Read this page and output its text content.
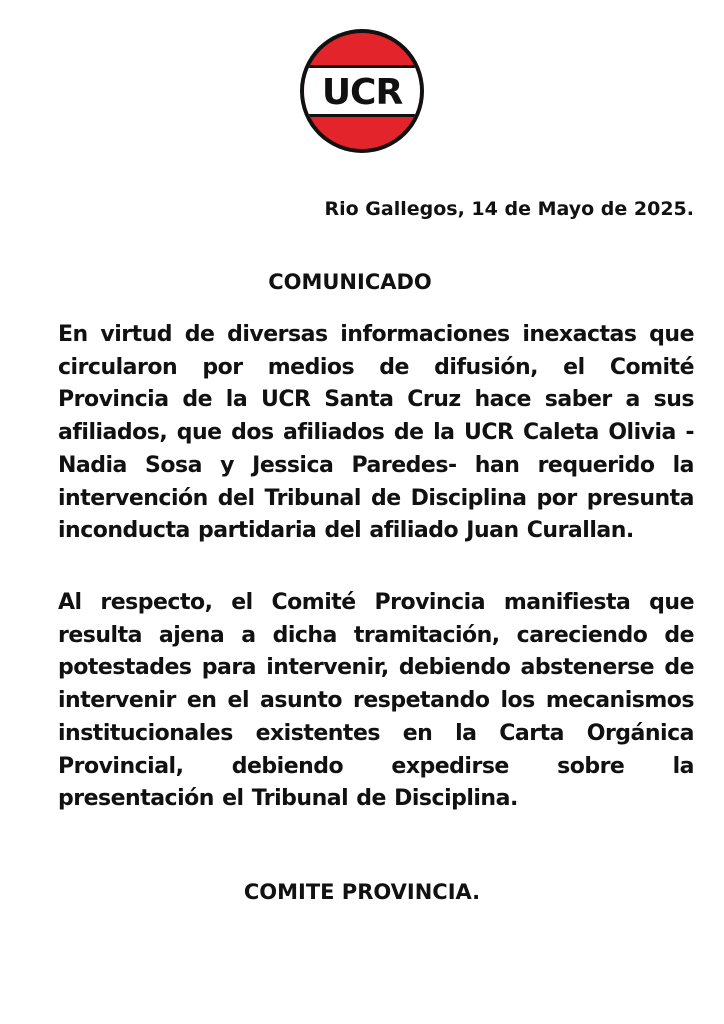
UCR
Rio Gallegos, 14 de Mayo de 2025.
COMUNICADO

En virtud de diversas informaciones inexactas que circularon por medios de difusión, el Comité Provincia de la UCR Santa Cruz hace saber a sus afiliados, que dos afiliados de la UCR Caleta Olivia -Nadia Sosa y Jessica Paredes- han requerido la intervención del Tribunal de Disciplina por presunta inconducta partidaria del afiliado Juan Curallan.

Al respecto, el Comité Provincia manifiesta que resulta ajena a dicha tramitación, careciendo de potestades para intervenir, debiendo abstenerse de intervenir en el asunto respetando los mecanismos institucionales existentes en la Carta Orgánica Provincial, debiendo expedirse sobre la presentación el Tribunal de Disciplina.

COMITE PROVINCIA.
